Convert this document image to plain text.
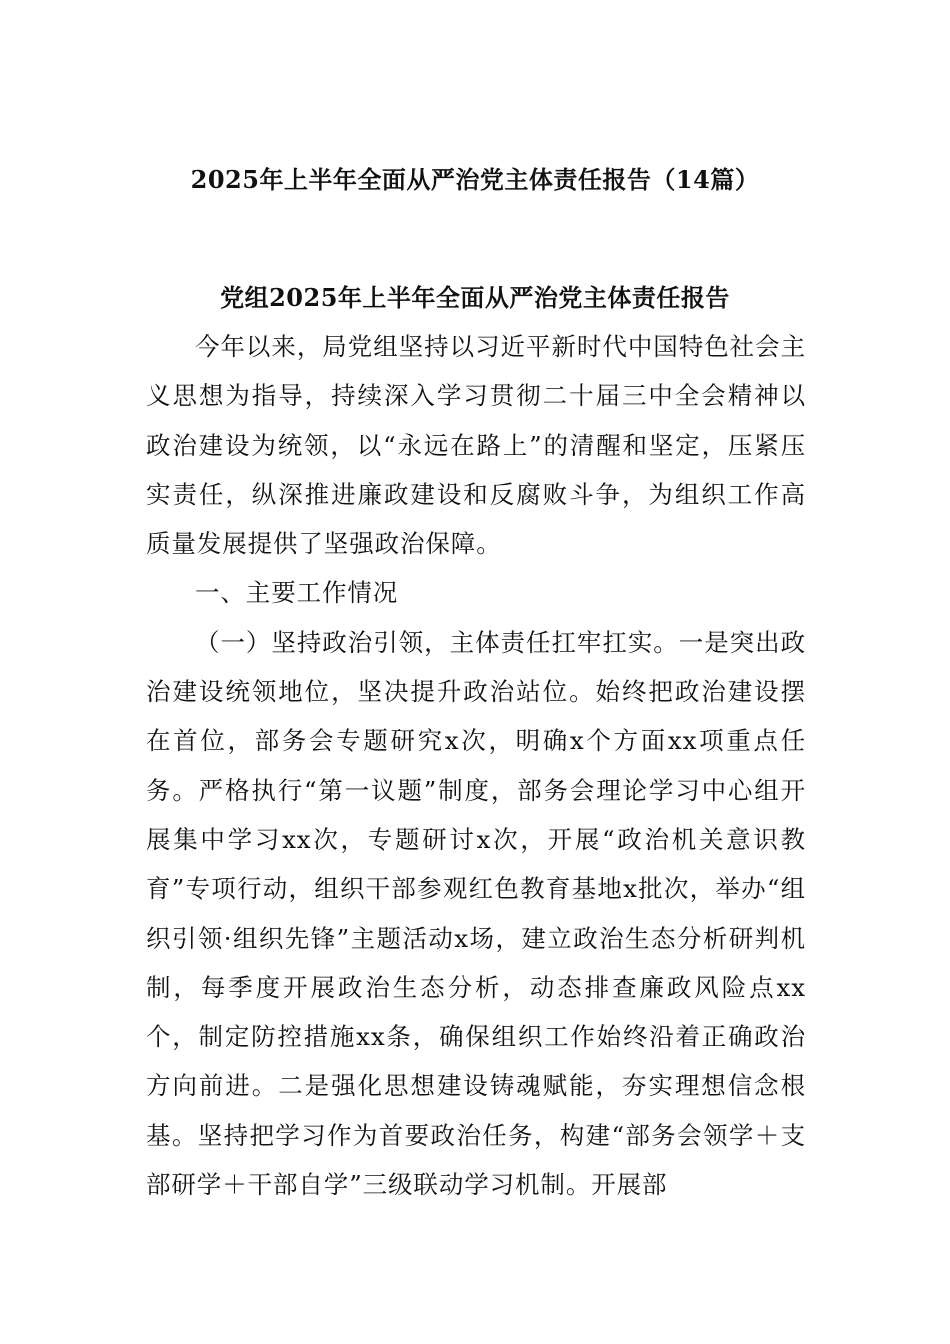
2025年上半年全面从严治党主体责任报告（14篇）
党组2025年上半年全面从严治党主体责任报告

今年以来，局党组坚持以习近平新时代中国特色社会主义思想为指导，持续深入学习贯彻二十届三中全会精神以政治建设为统领，以“永远在路上”的清醒和坚定，压紧压实责任，纵深推进廉政建设和反腐败斗争，为组织工作高质量发展提供了坚强政治保障。

一、主要工作情况

（一）坚持政治引领，主体责任扛牢扛实。一是突出政治建设统领地位，坚决提升政治站位。始终把政治建设摆在首位，部务会专题研究x次，明确x个方面xx项重点任务。严格执行“第一议题”制度，部务会理论学习中心组开展集中学习xx次，专题研讨x次，开展“政治机关意识教育”专项行动，组织干部参观红色教育基地x批次，举办“组织引领·组织先锋”主题活动x场，建立政治生态分析研判机制，每季度开展政治生态分析，动态排查廉政风险点xx个，制定防控措施xx条，确保组织工作始终沿着正确政治方向前进。二是强化思想建设铸魂赋能，夯实理想信念根基。坚持把学习作为首要政治任务，构建“部务会领学＋支部研学＋干部自学”三级联动学习机制。开展部
